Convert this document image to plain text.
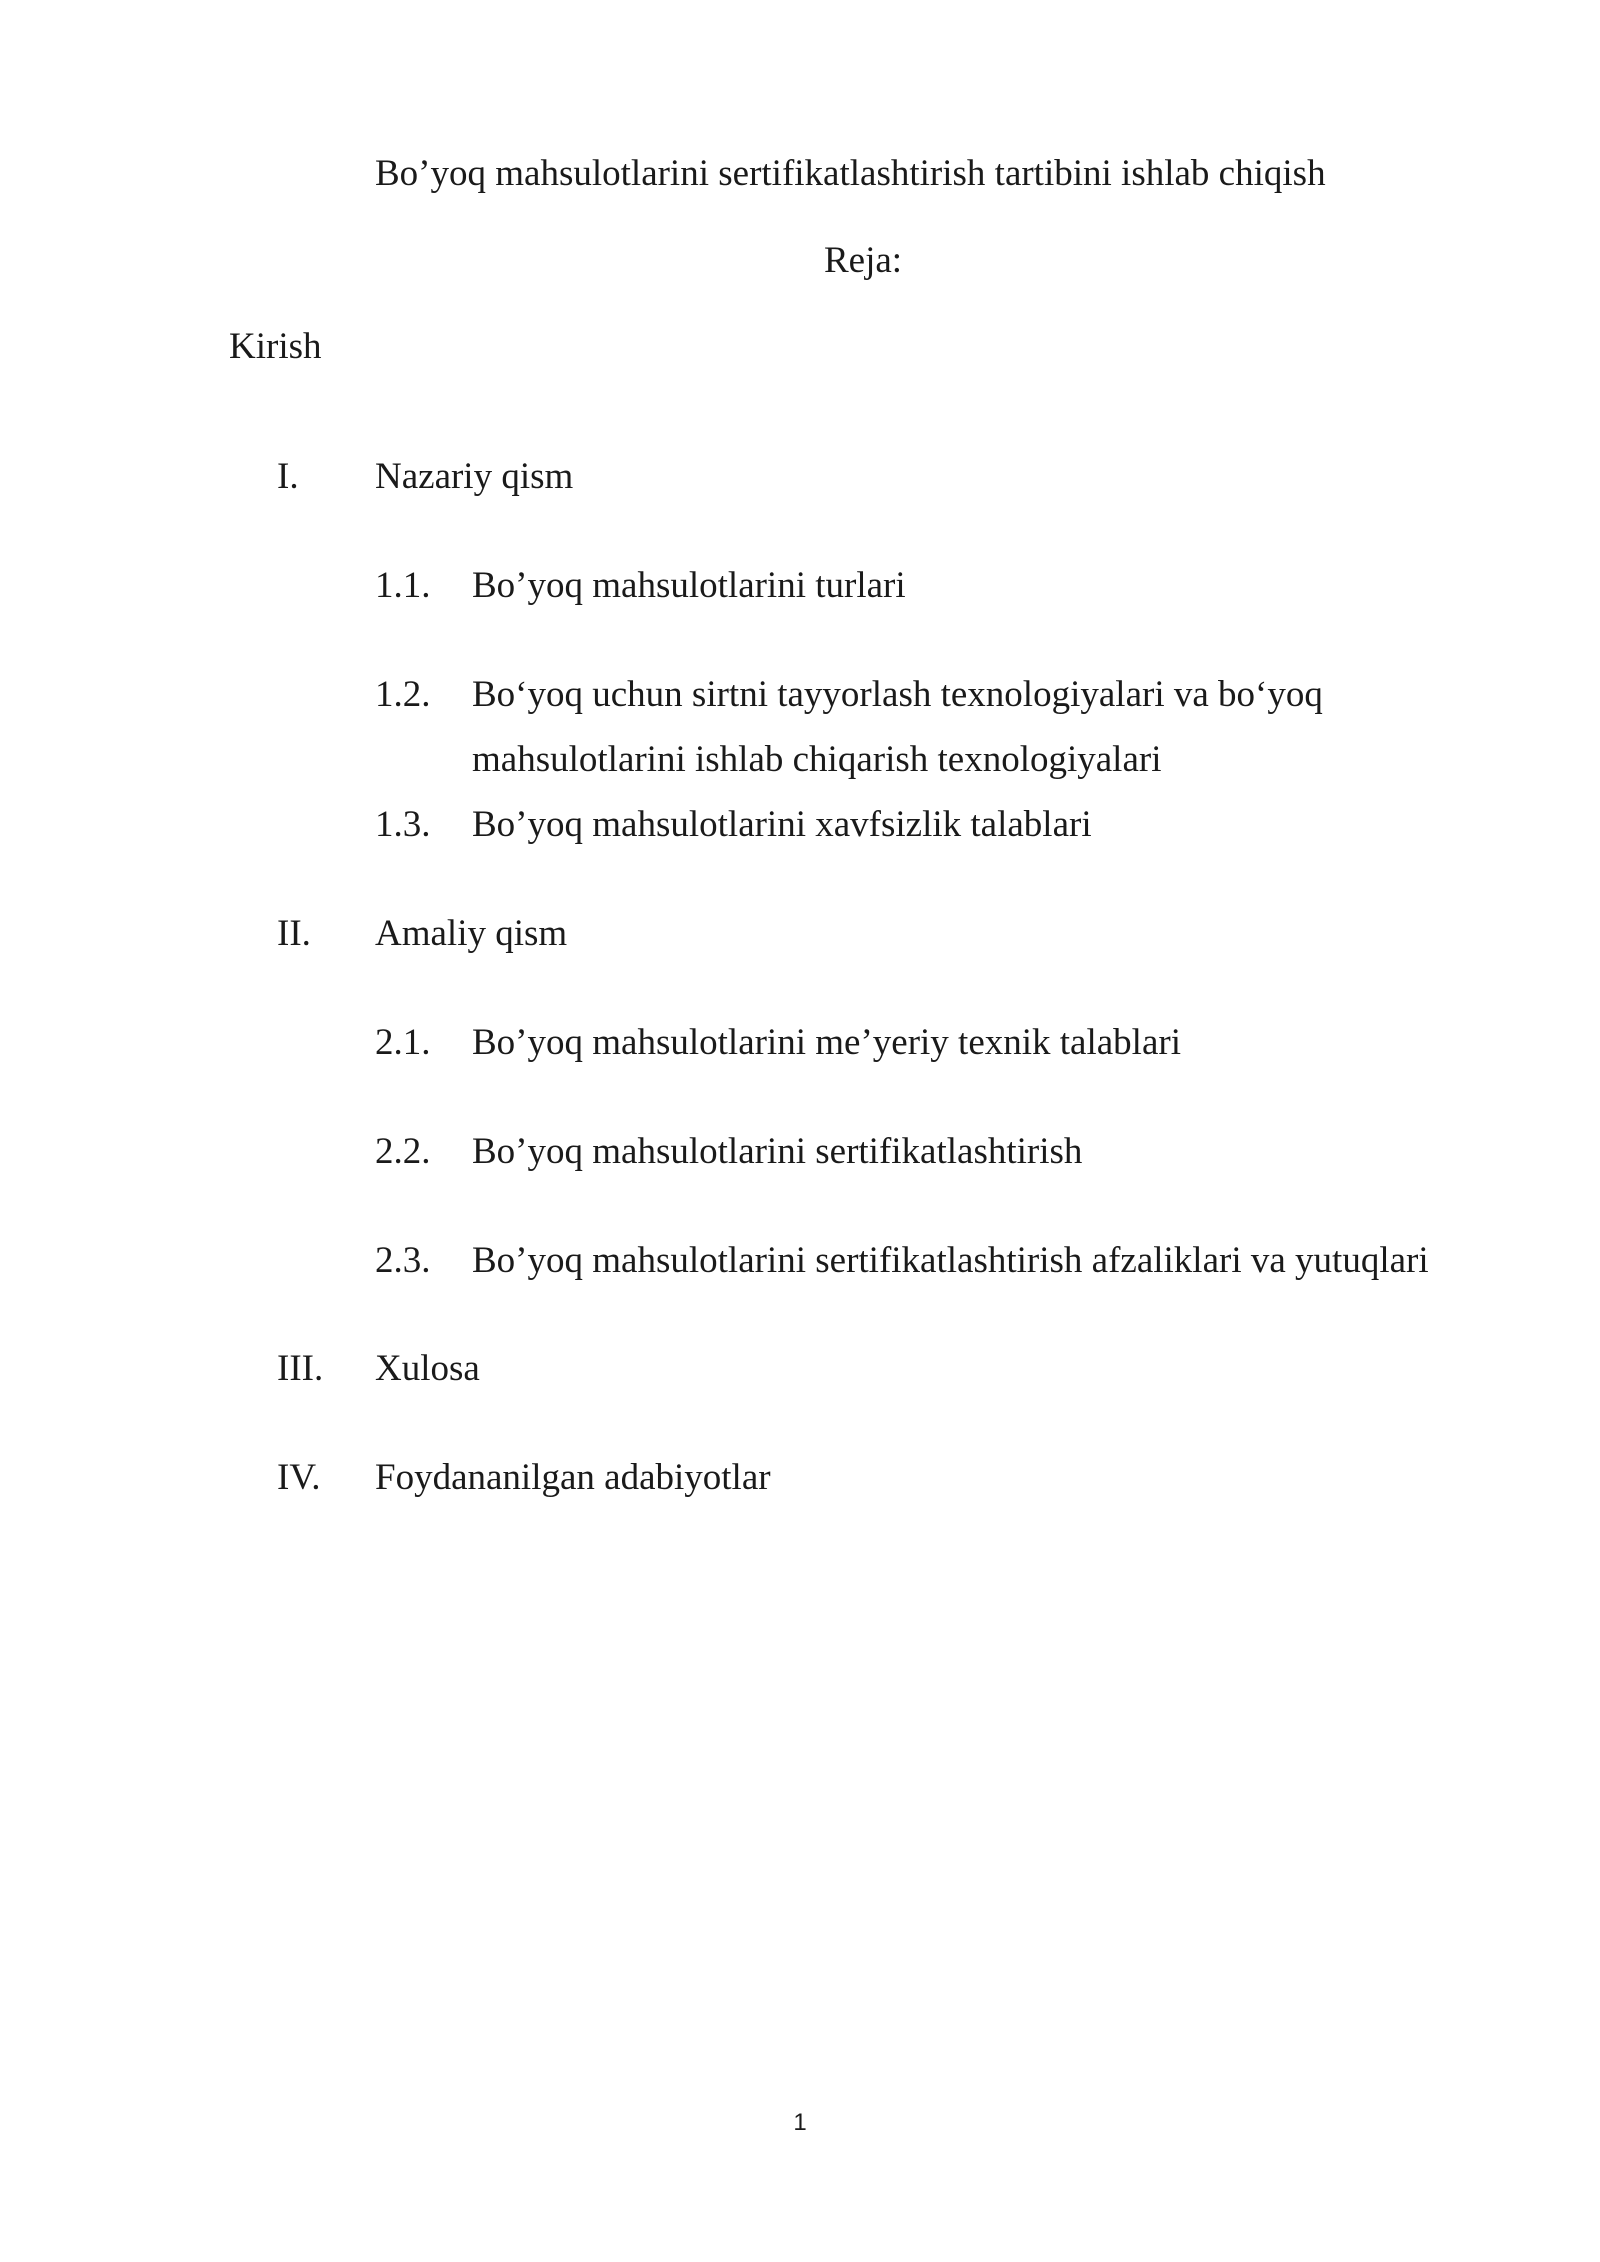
Bo’yoq mahsulotlarini sertifikatlashtirish tartibini ishlab chiqish
Reja:
Kirish
I. Nazariy qism
1.1. Bo’yoq mahsulotlarini turlari
1.2. Bo‘yoq uchun sirtni tayyorlash texnologiyalari va bo‘yoq
mahsulotlarini ishlab chiqarish texnologiyalari
1.3. Bo’yoq mahsulotlarini xavfsizlik talablari
II. Amaliy qism
2.1. Bo’yoq mahsulotlarini me’yeriy texnik talablari
2.2. Bo’yoq mahsulotlarini sertifikatlashtirish
2.3. Bo’yoq mahsulotlarini sertifikatlashtirish afzaliklari va yutuqlari
III. Xulosa
IV. Foydananilgan adabiyotlar
1
